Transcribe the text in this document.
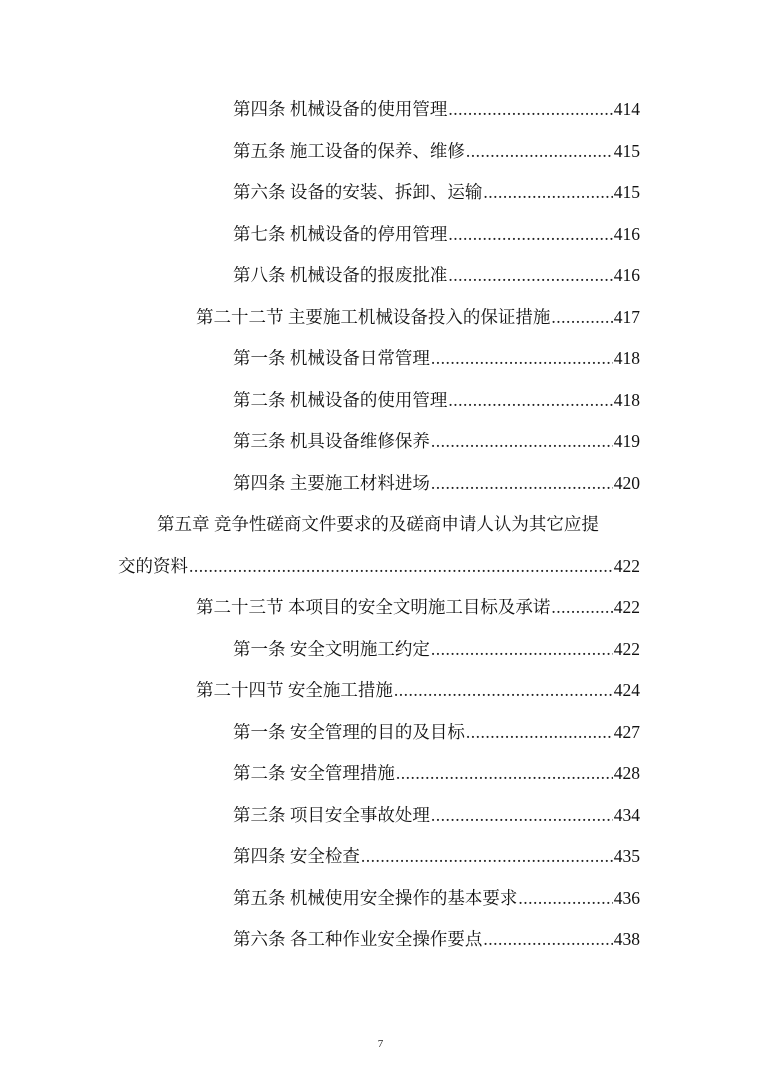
第四条 机械设备的使用管理 .....	414
第五条 施工设备的保养、维修 .....	415
第六条 设备的安装、拆卸、运输 .....	415
第七条 机械设备的停用管理 .....	416
第八条 机械设备的报废批准 .....	416
第二十二节 主要施工机械设备投入的保证措施 .....	417
第一条 机械设备日常管理 .....	418
第二条 机械设备的使用管理 .....	418
第三条 机具设备维修保养 .....	419
第四条 主要施工材料进场 .....	420
第五章 竞争性磋商文件要求的及磋商申请人认为其它应提
交的资料 .....	422
第二十三节 本项目的安全文明施工目标及承诺 .....	422
第一条 安全文明施工约定 .....	422
第二十四节 安全施工措施 .....	424
第一条 安全管理的目的及目标 .....	427
第二条 安全管理措施 .....	428
第三条 项目安全事故处理 .....	434
第四条 安全检查 .....	435
第五条 机械使用安全操作的基本要求 .....	436
第六条 各工种作业安全操作要点 .....	438
7
